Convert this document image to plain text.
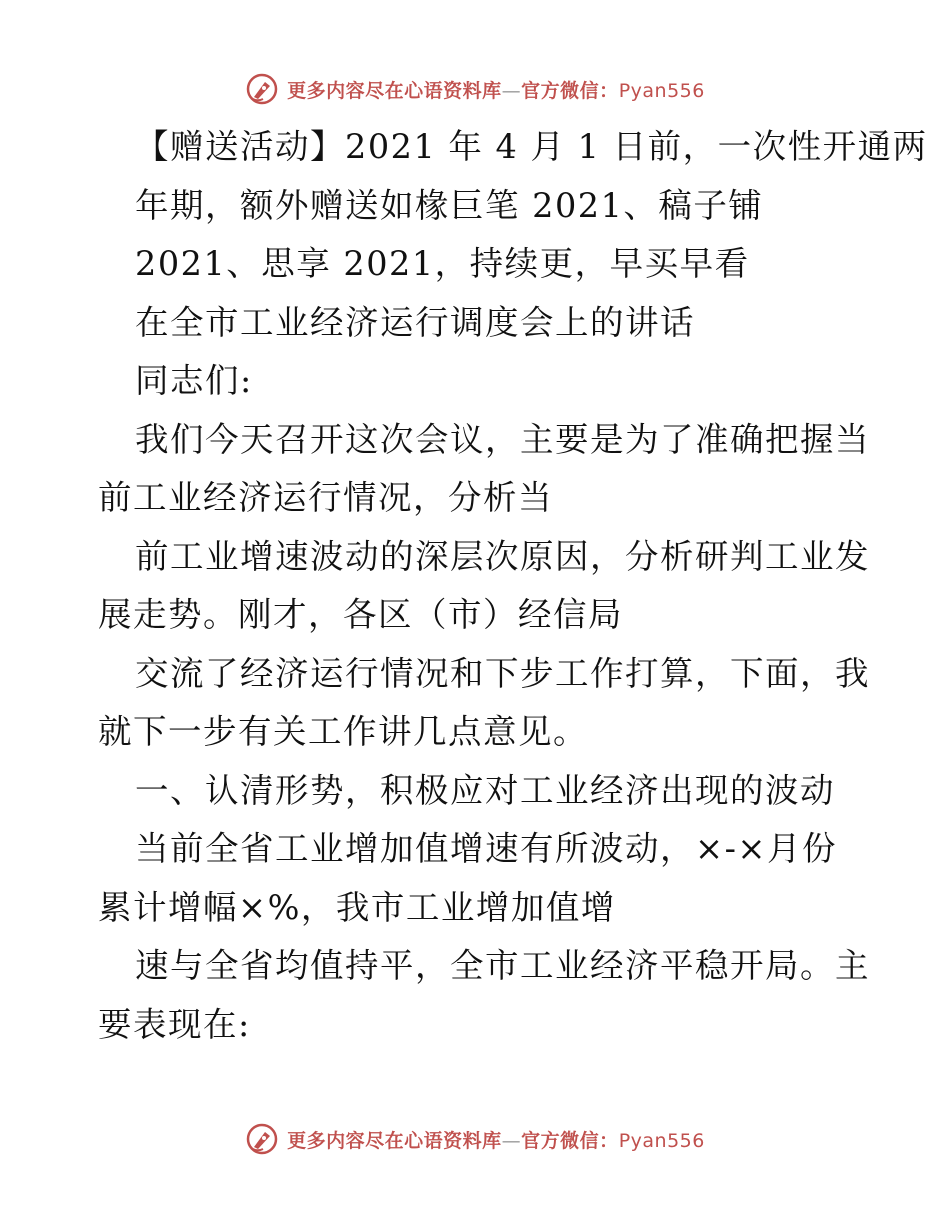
更多内容尽在心语资料库—官方微信：Pyan556
【赠送活动】2021 年 4 月 1 日前，一次性开通两
年期，额外赠送如椽巨笔 2021、稿子铺
2021、思享 2021，持续更，早买早看
在全市工业经济运行调度会上的讲话
同志们:
我们今天召开这次会议，主要是为了准确把握当
前工业经济运行情况，分析当
前工业增速波动的深层次原因，分析研判工业发
展走势。刚才，各区（市）经信局
交流了经济运行情况和下步工作打算，下面，我
就下一步有关工作讲几点意见。
一、认清形势，积极应对工业经济出现的波动
当前全省工业增加值增速有所波动，×-×月份
累计增幅×%，我市工业增加值增
速与全省均值持平，全市工业经济平稳开局。主
要表现在:
更多内容尽在心语资料库—官方微信：Pyan556
